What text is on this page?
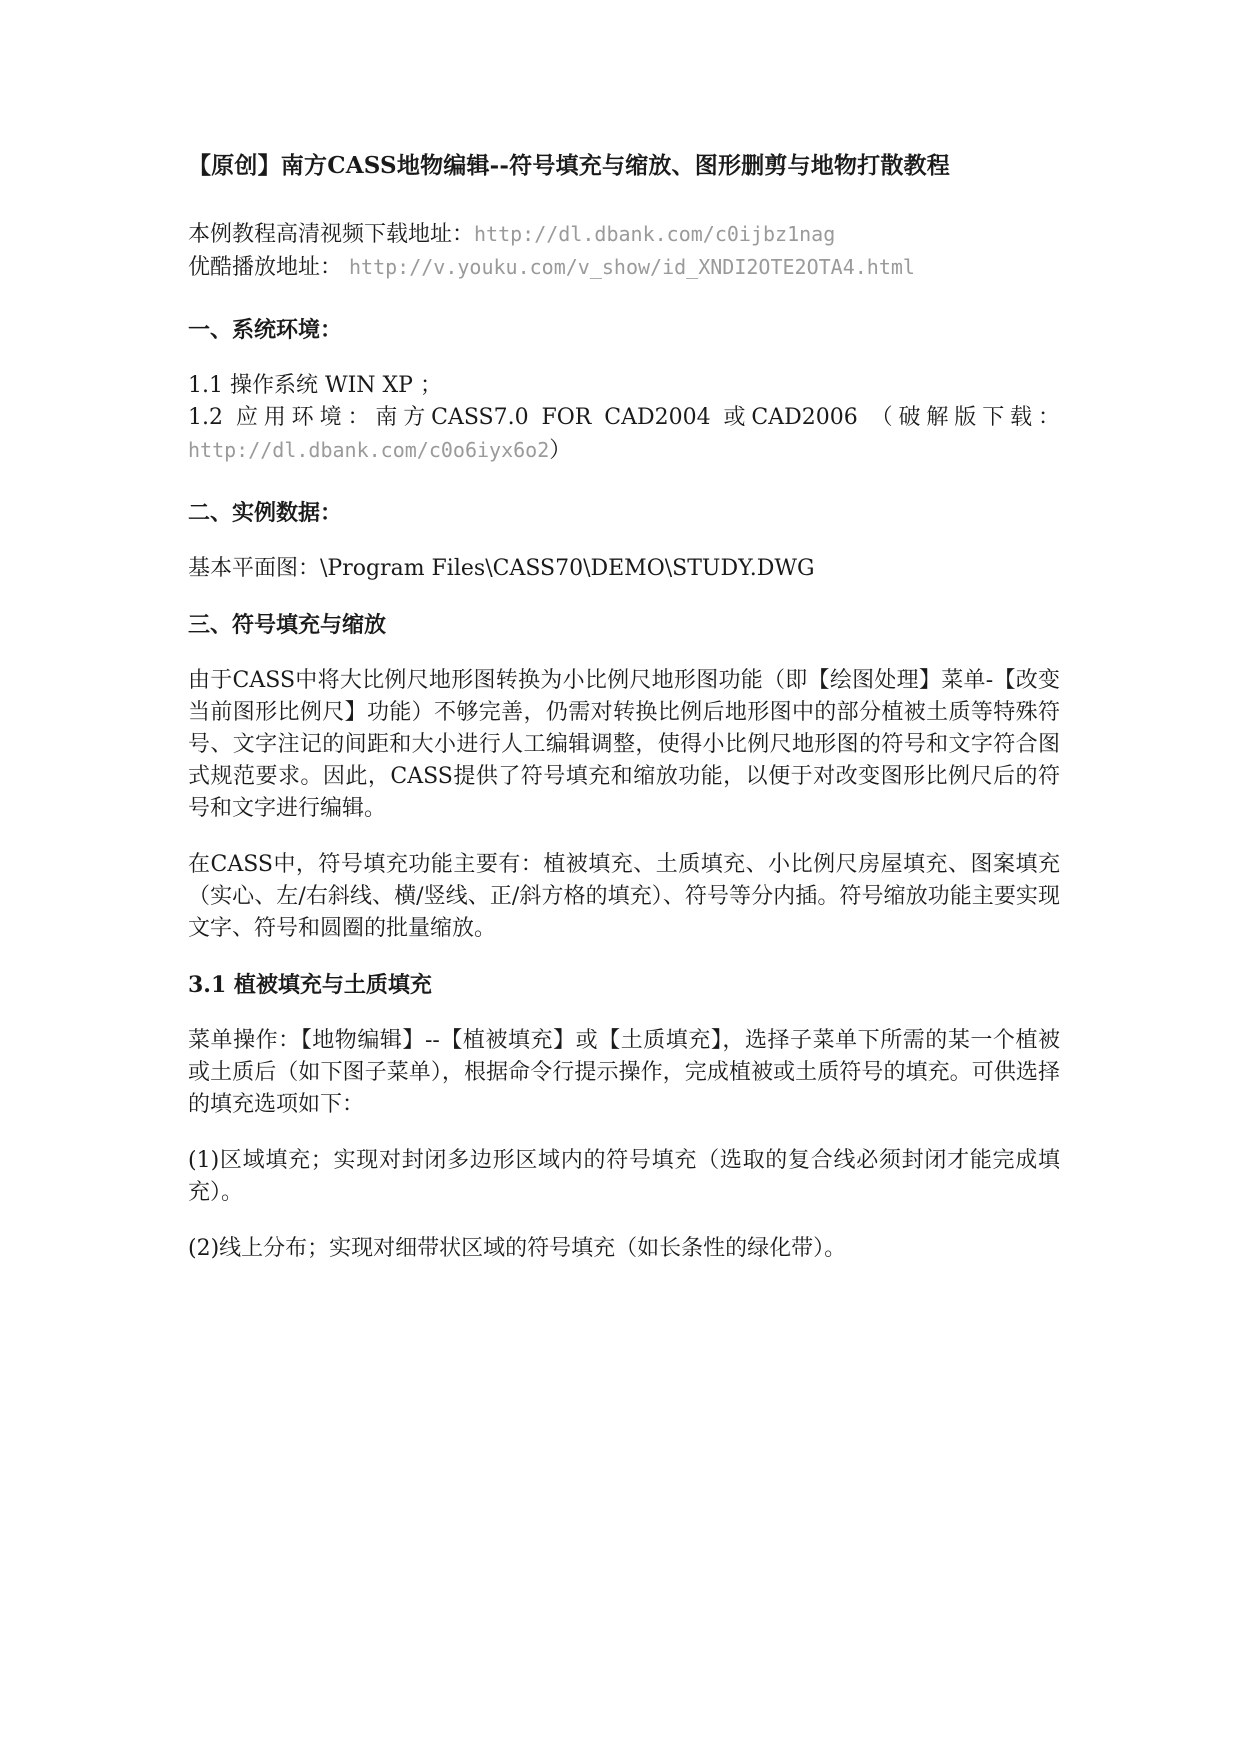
【原创】南方CASS地物编辑--符号填充与缩放、图形删剪与地物打散教程

本例教程高清视频下载地址：http://dl.dbank.com/c0ijbz1nag

优酷播放地址： http://v.youku.com/v_show/id_XNDI2OTE2OTA4.html

一、系统环境：

1.1 操作系统 WIN XP ；

1.2 应用环境：南方CASS7.0 FOR CAD2004 或CAD2006 （破解版下载：http://dl.dbank.com/c0o6iyx6o2）

二、实例数据：

基本平面图：\Program Files\CASS70\DEMO\STUDY.DWG

三、符号填充与缩放

由于CASS中将大比例尺地形图转换为小比例尺地形图功能（即【绘图处理】菜单-【改变当前图形比例尺】功能）不够完善，仍需对转换比例后地形图中的部分植被土质等特殊符号、文字注记的间距和大小进行人工编辑调整，使得小比例尺地形图的符号和文字符合图式规范要求。因此，CASS提供了符号填充和缩放功能，以便于对改变图形比例尺后的符号和文字进行编辑。

在CASS中，符号填充功能主要有：植被填充、土质填充、小比例尺房屋填充、图案填充（实心、左/右斜线、横/竖线、正/斜方格的填充）、符号等分内插。符号缩放功能主要实现文字、符号和圆圈的批量缩放。

3.1 植被填充与土质填充

菜单操作：【地物编辑】--【植被填充】或【土质填充】，选择子菜单下所需的某一个植被或土质后（如下图子菜单），根据命令行提示操作，完成植被或土质符号的填充。可供选择的填充选项如下：

(1)区域填充；实现对封闭多边形区域内的符号填充（选取的复合线必须封闭才能完成填充）。

(2)线上分布；实现对细带状区域的符号填充（如长条性的绿化带）。
